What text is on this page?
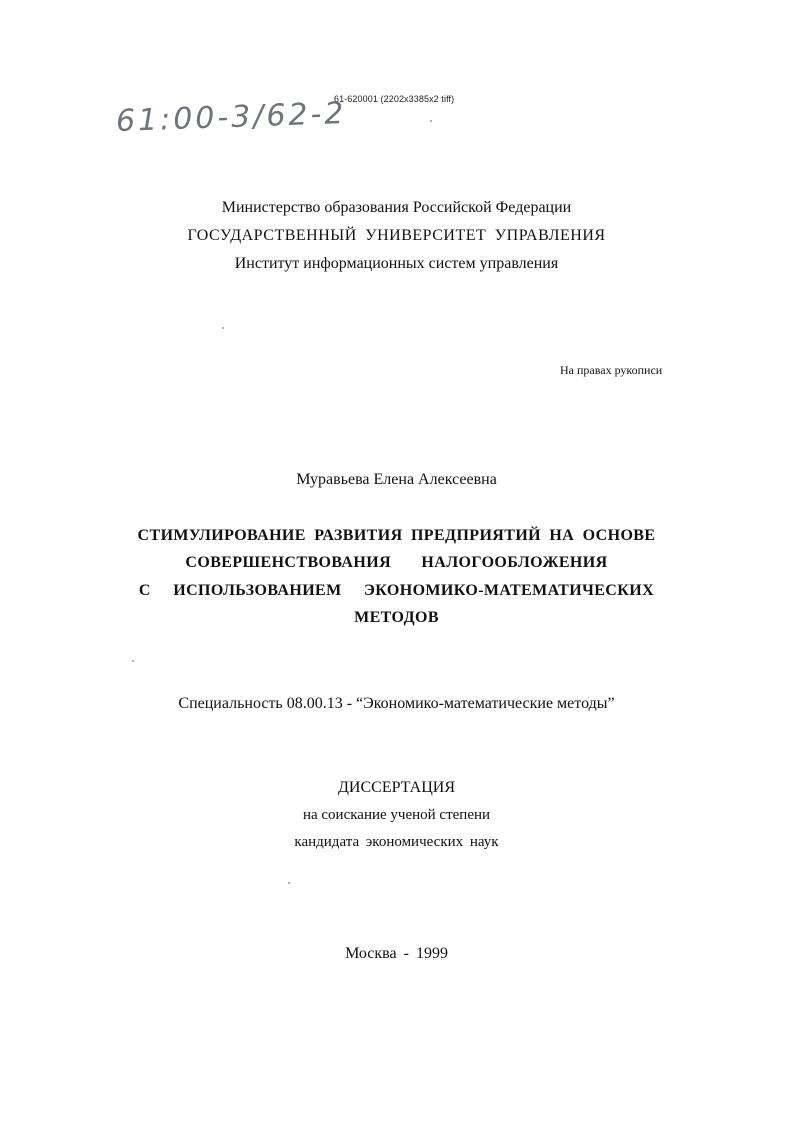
61-620001 (2202x3385x2 tiff)
61:00-3/62-2
Министерство образования Российской Федерации
ГОСУДАРСТВЕННЫЙ УНИВЕРСИТЕТ УПРАВЛЕНИЯ
Институт информационных систем управления
На правах рукописи
Муравьева Елена Алексеевна
СТИМУЛИРОВАНИЕ РАЗВИТИЯ ПРЕДПРИЯТИЙ НА ОСНОВЕ
СОВЕРШЕНСТВОВАНИЯ НАЛОГООБЛОЖЕНИЯ
С ИСПОЛЬЗОВАНИЕМ ЭКОНОМИКО-МАТЕМАТИЧЕСКИХ
МЕТОДОВ
Специальность 08.00.13 - “Экономико-математические методы”
ДИССЕРТАЦИЯ
на соискание ученой степени
кандидата экономических наук
Москва - 1999
